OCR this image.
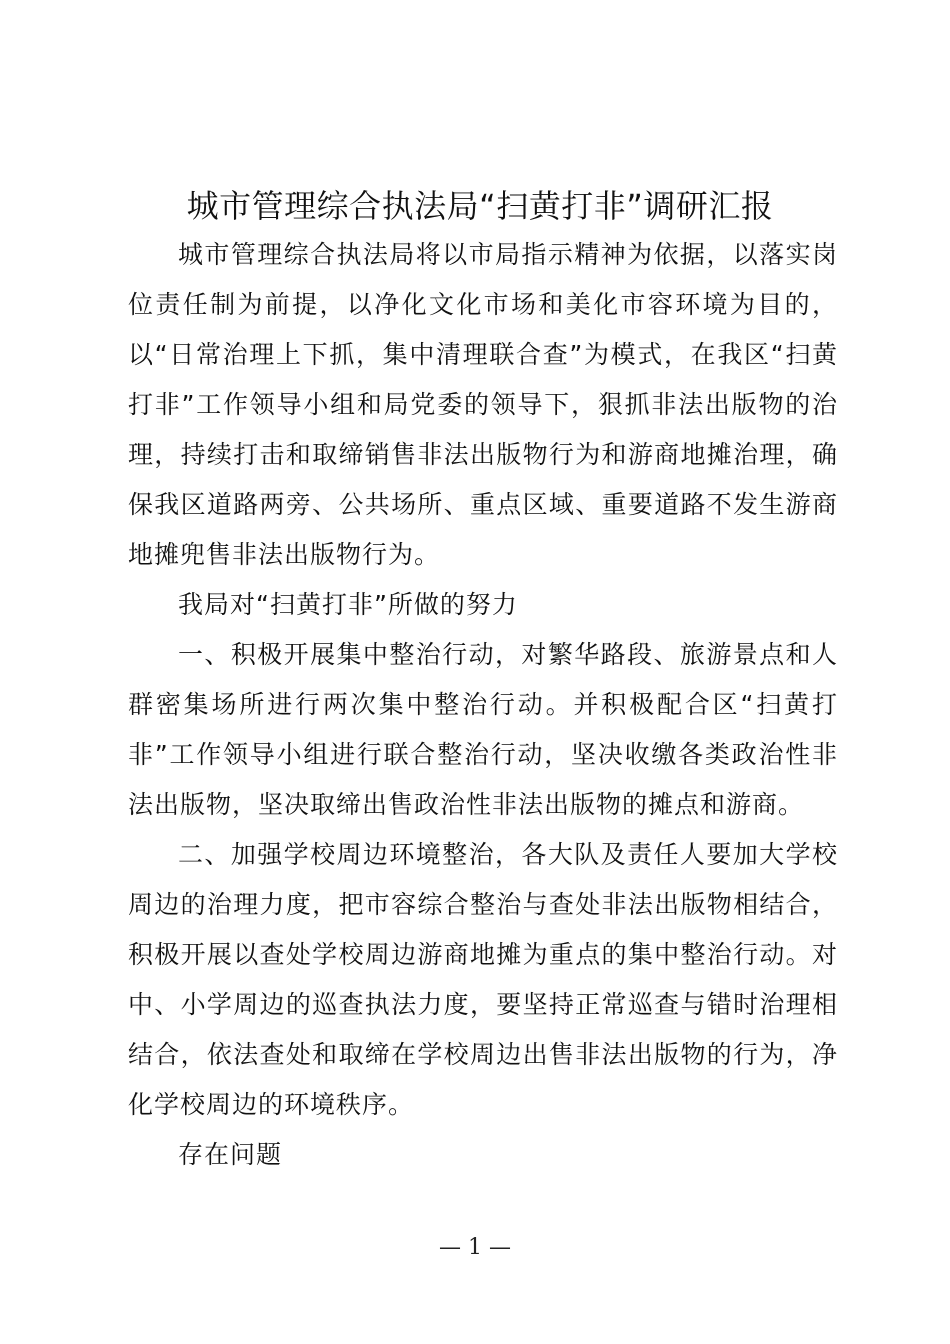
城市管理综合执法局“扫黄打非”调研汇报

城市管理综合执法局将以市局指示精神为依据，以落实岗位责任制为前提，以净化文化市场和美化市容环境为目的，以“日常治理上下抓，集中清理联合查”为模式，在我区“扫黄打非”工作领导小组和局党委的领导下，狠抓非法出版物的治理，持续打击和取缔销售非法出版物行为和游商地摊治理，确保我区道路两旁、公共场所、重点区域、重要道路不发生游商地摊兜售非法出版物行为。

我局对“扫黄打非”所做的努力

一、积极开展集中整治行动，对繁华路段、旅游景点和人群密集场所进行两次集中整治行动。并积极配合区“扫黄打非”工作领导小组进行联合整治行动，坚决收缴各类政治性非法出版物，坚决取缔出售政治性非法出版物的摊点和游商。

二、加强学校周边环境整治，各大队及责任人要加大学校周边的治理力度，把市容综合整治与查处非法出版物相结合，积极开展以查处学校周边游商地摊为重点的集中整治行动。对中、小学周边的巡查执法力度，要坚持正常巡查与错时治理相结合，依法查处和取缔在学校周边出售非法出版物的行为，净化学校周边的环境秩序。

存在问题

— 1 —
